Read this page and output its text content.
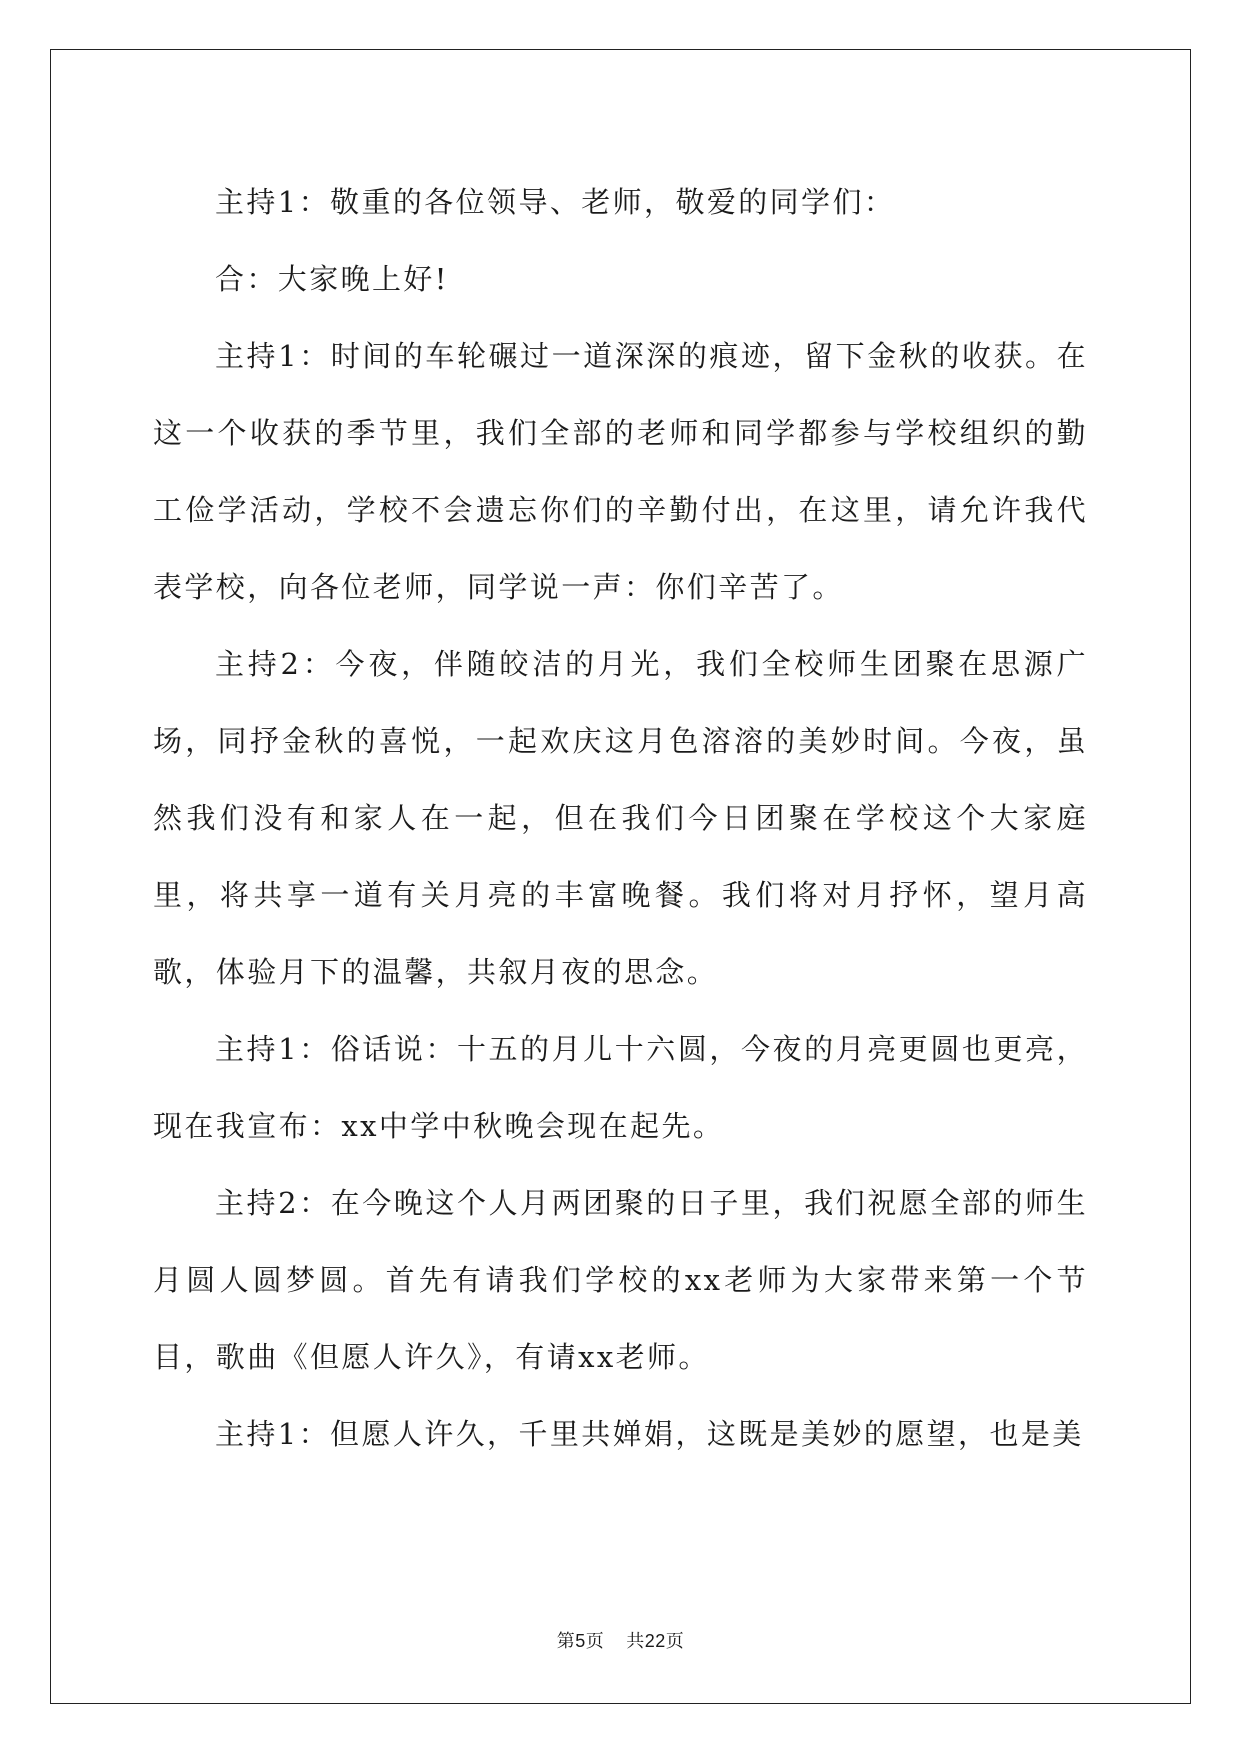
主持1：敬重的各位领导、老师，敬爱的同学们：

合：大家晚上好!

主持1：时间的车轮碾过一道深深的痕迹，留下金秋的收获。在这一个收获的季节里，我们全部的老师和同学都参与学校组织的勤工俭学活动，学校不会遗忘你们的辛勤付出，在这里，请允许我代表学校，向各位老师，同学说一声：你们辛苦了。

主持2：今夜，伴随皎洁的月光，我们全校师生团聚在思源广场，同抒金秋的喜悦，一起欢庆这月色溶溶的美妙时间。今夜，虽然我们没有和家人在一起，但在我们今日团聚在学校这个大家庭里，将共享一道有关月亮的丰富晚餐。我们将对月抒怀，望月高歌，体验月下的温馨，共叙月夜的思念。

主持1：俗话说：十五的月儿十六圆，今夜的月亮更圆也更亮，现在我宣布：xx中学中秋晚会现在起先。

主持2：在今晚这个人月两团聚的日子里，我们祝愿全部的师生月圆人圆梦圆。首先有请我们学校的xx老师为大家带来第一个节目，歌曲《但愿人许久》，有请xx老师。

主持1：但愿人许久，千里共婵娟，这既是美妙的愿望，也是美

第5页 共22页
